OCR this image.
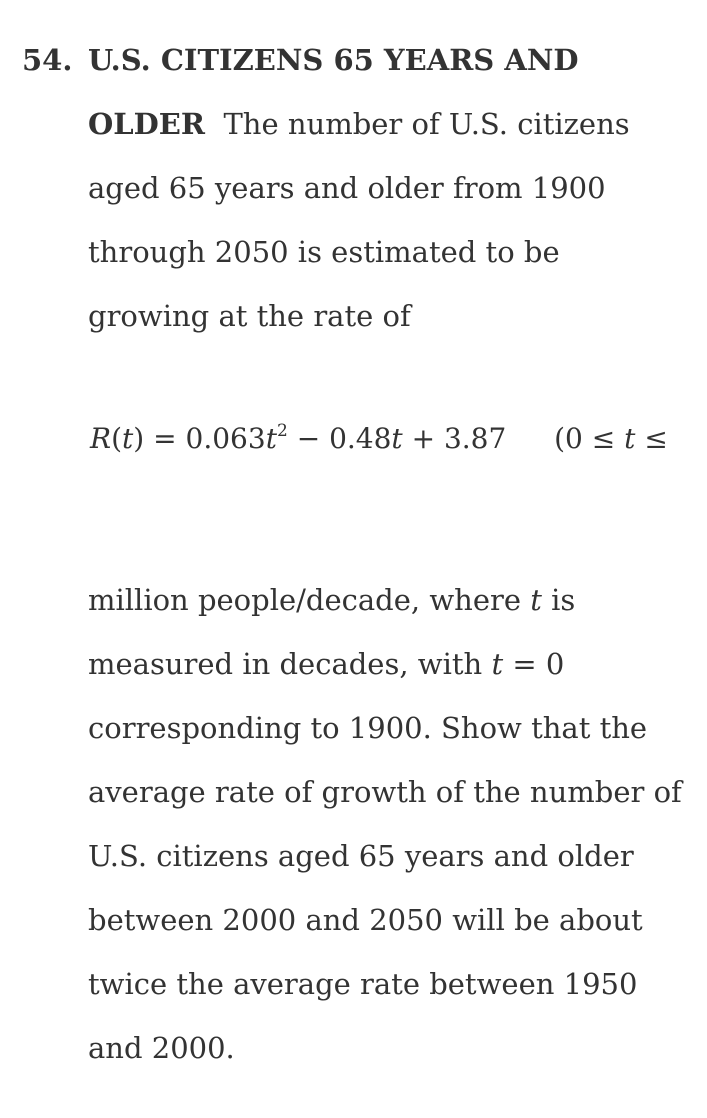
54. U.S. CITIZENS 65 YEARS AND
OLDER The number of U.S. citizens aged 65 years and older from 1900 through 2050 is estimated to be growing at the rate of
$R(t) = 0.063t^2 - 0.48t + 3.87$ (0 ≤ t ≤
million people/decade, where t is measured in decades, with t = 0 corresponding to 1900. Show that the average rate of growth of the number of U.S. citizens aged 65 years and older between 2000 and 2050 will be about twice the average rate between 1950 and 2000.
